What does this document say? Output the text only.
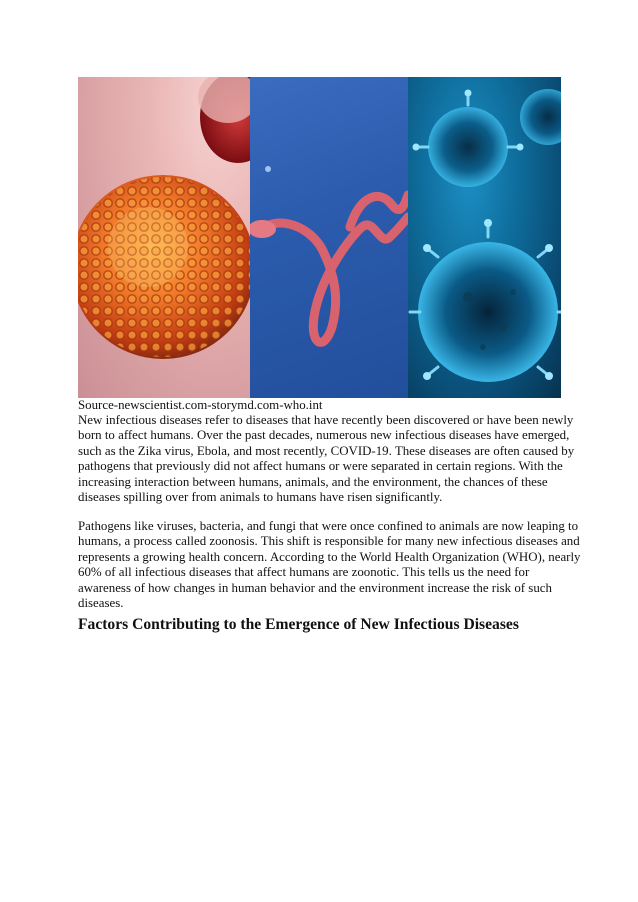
Source-newscientist.com-storymd.com-who.int
New infectious diseases refer to diseases that have recently been discovered or have been newly
born to affect humans. Over the past decades, numerous new infectious diseases have emerged,
such as the Zika virus, Ebola, and most recently, COVID-19. These diseases are often caused by
pathogens that previously did not affect humans or were separated in certain regions. With the
increasing interaction between humans, animals, and the environment, the chances of these
diseases spilling over from animals to humans have risen significantly.
Pathogens like viruses, bacteria, and fungi that were once confined to animals are now leaping to
humans, a process called zoonosis. This shift is responsible for many new infectious diseases and
represents a growing health concern. According to the World Health Organization (WHO), nearly
60% of all infectious diseases that affect humans are zoonotic. This tells us the need for
awareness of how changes in human behavior and the environment increase the risk of such
diseases.
Factors Contributing to the Emergence of New Infectious Diseases
